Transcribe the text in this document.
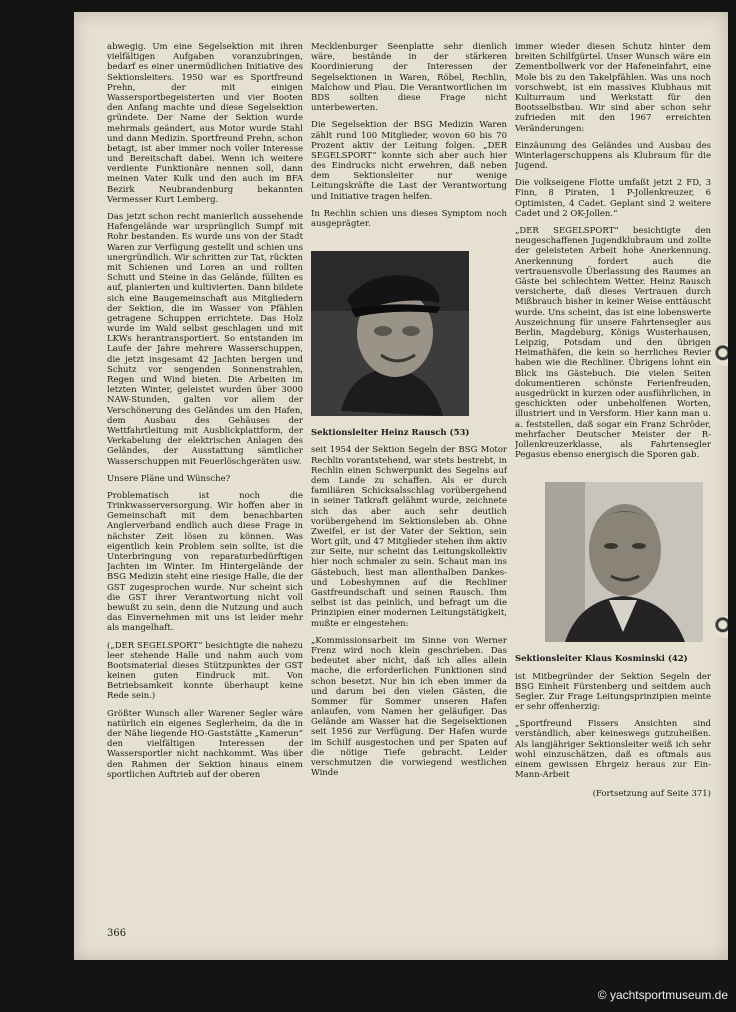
abwegig. Um eine Segelsektion mit ihren vielfältigen Aufgaben voranzubringen, bedarf es einer unermüdlichen Initiative des Sektionsleiters. 1950 war es Sportfreund Prehn, der mit einigen Wassersportbegeisterten und vier Booten den Anfang machte und diese Segelsektion gründete. Der Name der Sektion wurde mehrmals geändert, aus Motor wurde Stahl und dann Medizin. Sportfreund Prehn, schon betagt, ist aber immer noch voller Interesse und Bereitschaft dabei. Wenn ich weitere verdiente Funktionäre nennen soll, dann meinen Vater Kulk und den auch im BFA Bezirk Neubrandenburg bekannten Vermesser Kurt Lemberg.

Das jetzt schon recht manierlich aussehende Hafengelände war ursprünglich Sumpf mit Rohr bestanden. Es wurde uns von der Stadt Waren zur Verfügung gestellt und schien uns unergründlich. Wir schritten zur Tat, rückten mit Schienen und Loren an und rollten Schutt und Steine in das Gelände, füllten es auf, planierten und kultivierten. Dann bildete sich eine Baugemeinschaft aus Mitgliedern der Sektion, die im Wasser von Pfählen getragene Schuppen errichtete. Das Holz wurde im Wald selbst geschlagen und mit LKWs herantransportiert. So entstanden im Laufe der Jahre mehrere Wasserschuppen, die jetzt insgesamt 42 Jachten bergen und Schutz vor sengenden Sonnenstrahlen, Regen und Wind bieten. Die Arbeiten im letzten Winter, geleistet wurden über 3000 NAW-Stunden, galten vor allem der Verschönerung des Geländes um den Hafen, dem Ausbau des Gehäuses der Wettfahrtleitung mit Ausblickplattform, der Verkabelung der elektrischen Anlagen des Geländes, der Ausstattung sämtlicher Wasserschuppen mit Feuerlöschgeräten usw.

Unsere Pläne und Wünsche?

Problematisch ist noch die Trinkwasserversorgung. Wir hoffen aber in Gemeinschaft mit dem benachbarten Anglerverband endlich auch diese Frage in nächster Zeit lösen zu können. Was eigentlich kein Problem sein sollte, ist die Unterbringung von reparaturbedürftigen Jachten im Winter. Im Hintergelände der BSG Medizin steht eine riesige Halle, die der GST zugesprochen wurde. Nur scheint sich die GST ihrer Verantwortung nicht voll bewußt zu sein, denn die Nutzung und auch das Einvernehmen mit uns ist leider mehr als mangelhaft.

(„DER SEGELSPORT“ besichtigte die nahezu leer stehende Halle und nahm auch vom Bootsmaterial dieses Stützpunktes der GST keinen guten Eindruck mit. Von Betriebsamkeit konnte überhaupt keine Rede sein.)

Größter Wunsch aller Warener Segler wäre natürlich ein eigenes Seglerheim, da die in der Nähe liegende HO-Gaststätte „Kamerun“ den vielfältigen Interessen der Wassersportler nicht nachkommt. Was über den Rahmen der Sektion hinaus einem sportlichen Auftrieb auf der oberen

Mecklenburger Seenplatte sehr dienlich wäre, bestände in der stärkeren Koordinierung der Interessen der Segelsektionen in Waren, Röbel, Rechlin, Malchow und Plau. Die Verantwortlichen im BDS sollten diese Frage nicht unterbewerten.

Die Segelsektion der BSG Medizin Waren zählt rund 100 Mitglieder, wovon 60 bis 70 Prozent aktiv der Leitung folgen. „DER SEGELSPORT“ konnte sich aber auch hier des Eindrucks nicht erwehren, daß neben dem Sektionsleiter nur wenige Leitungskräfte die Last der Verantwortung und Initiative tragen helfen.

In Rechlin schien uns dieses Symptom noch ausgeprägter.

Sektionsleiter Heinz Rausch (53)

seit 1954 der Sektion Segeln der BSG Motor Rechlin vorantstehend, war stets bestrebt, in Rechlin einen Schwerpunkt des Segelns auf dem Lande zu schaffen. Als er durch familiären Schicksalsschlag vorübergehend in seiner Tatkraft gelähmt wurde, zeichnete sich das aber auch sehr deutlich vorübergehend im Sektionsleben ab. Ohne Zweifel, er ist der Vater der Sektion, sein Wort gilt, und 47 Mitglieder stehen ihm aktiv zur Seite, nur scheint das Leitungskollektiv hier noch schmaler zu sein. Schaut man ins Gästebuch, liest man allenthalben Dankes- und Lobeshymnen auf die Rechliner Gastfreundschaft und seinen Rausch. Ihm selbst ist das peinlich, und befragt um die Prinzipien einer modernen Leitungstätigkeit, mußte er eingestehen:

„Kommissionsarbeit im Sinne von Werner Frenz wird noch klein geschrieben. Das bedeutet aber nicht, daß ich alles allein mache, die erforderlichen Funktionen sind schon besetzt. Nur bin ich eben immer da und darum bei den vielen Gästen, die Sommer für Sommer unseren Hafen anlaufen, vom Namen her geläufiger. Das Gelände am Wasser hat die Segelsektionen seit 1956 zur Verfügung. Der Hafen wurde im Schilf ausgestochen und per Spaten auf die nötige Tiefe gebracht. Leider verschmutzen die vorwiegend westlichen Winde

immer wieder diesen Schutz hinter dem breiten Schilfgürtel. Unser Wunsch wäre ein Zementbollwerk vor der Hafeneinfahrt, eine Mole bis zu den Takelpfählen. Was uns noch vorschwebt, ist ein massives Klubhaus mit Kulturraum und Werkstatt für den Bootsselbstbau. Wir sind aber schon sehr zufrieden mit den 1967 erreichten Veränderungen:

Einzäunung des Geländes und Ausbau des Winterlagerschuppens als Klubraum für die Jugend.

Die volkseigene Flotte umfaßt jetzt 2 FD, 3 Finn, 8 Piraten, 1 P-Jollenkreuzer, 6 Optimisten, 4 Cadet. Geplant sind 2 weitere Cadet und 2 OK-Jollen.“

„DER SEGELSPORT“ besichtigte den neugeschaffenen Jugendklubraum und zollte der geleisteten Arbeit hohe Anerkennung. Anerkennung fordert auch die vertrauensvolle Überlassung des Raumes an Gäste bei schlechtem Wetter. Heinz Rausch versicherte, daß dieses Vertrauen durch Mißbrauch bisher in keiner Weise enttäuscht wurde. Uns scheint, das ist eine lobenswerte Auszeichnung für unsere Fahrtensegler aus Berlin, Magdeburg, Königs Wusterhausen, Leipzig, Potsdam und den übrigen Heimathäfen, die kein so herrliches Revier haben wie die Rechliner. Übrigens lohnt ein Blick ins Gästebuch. Die vielen Seiten dokumentieren schönste Ferienfreuden, ausgedrückt in kurzen oder ausführlichen, in geschickten oder unbeholfenen Worten, illustriert und in Versform. Hier kann man u. a. feststellen, daß sogar ein Franz Schröder, mehrfacher Deutscher Meister der R-Jollenkreuzerklasse, als Fahrtensegler Pegasus ebenso energisch die Sporen gab.

Sektionsleiter Klaus Kosminski (42)

ist Mitbegründer der Sektion Segeln der BSG Einheit Fürstenberg und seitdem auch Segler. Zur Frage Leitungsprinzipien meinte er sehr offenherzig:

„Sportfreund Fissers Ansichten sind verständlich, aber keineswegs gutzuheißen. Als langjähriger Sektionsleiter weiß ich sehr wohl einzuschätzen, daß es oftmals aus einem gewissen Ehrgeiz heraus zur Ein-Mann-Arbeit

(Fortsetzung auf Seite 371)

366
© yachtsportmuseum.de
